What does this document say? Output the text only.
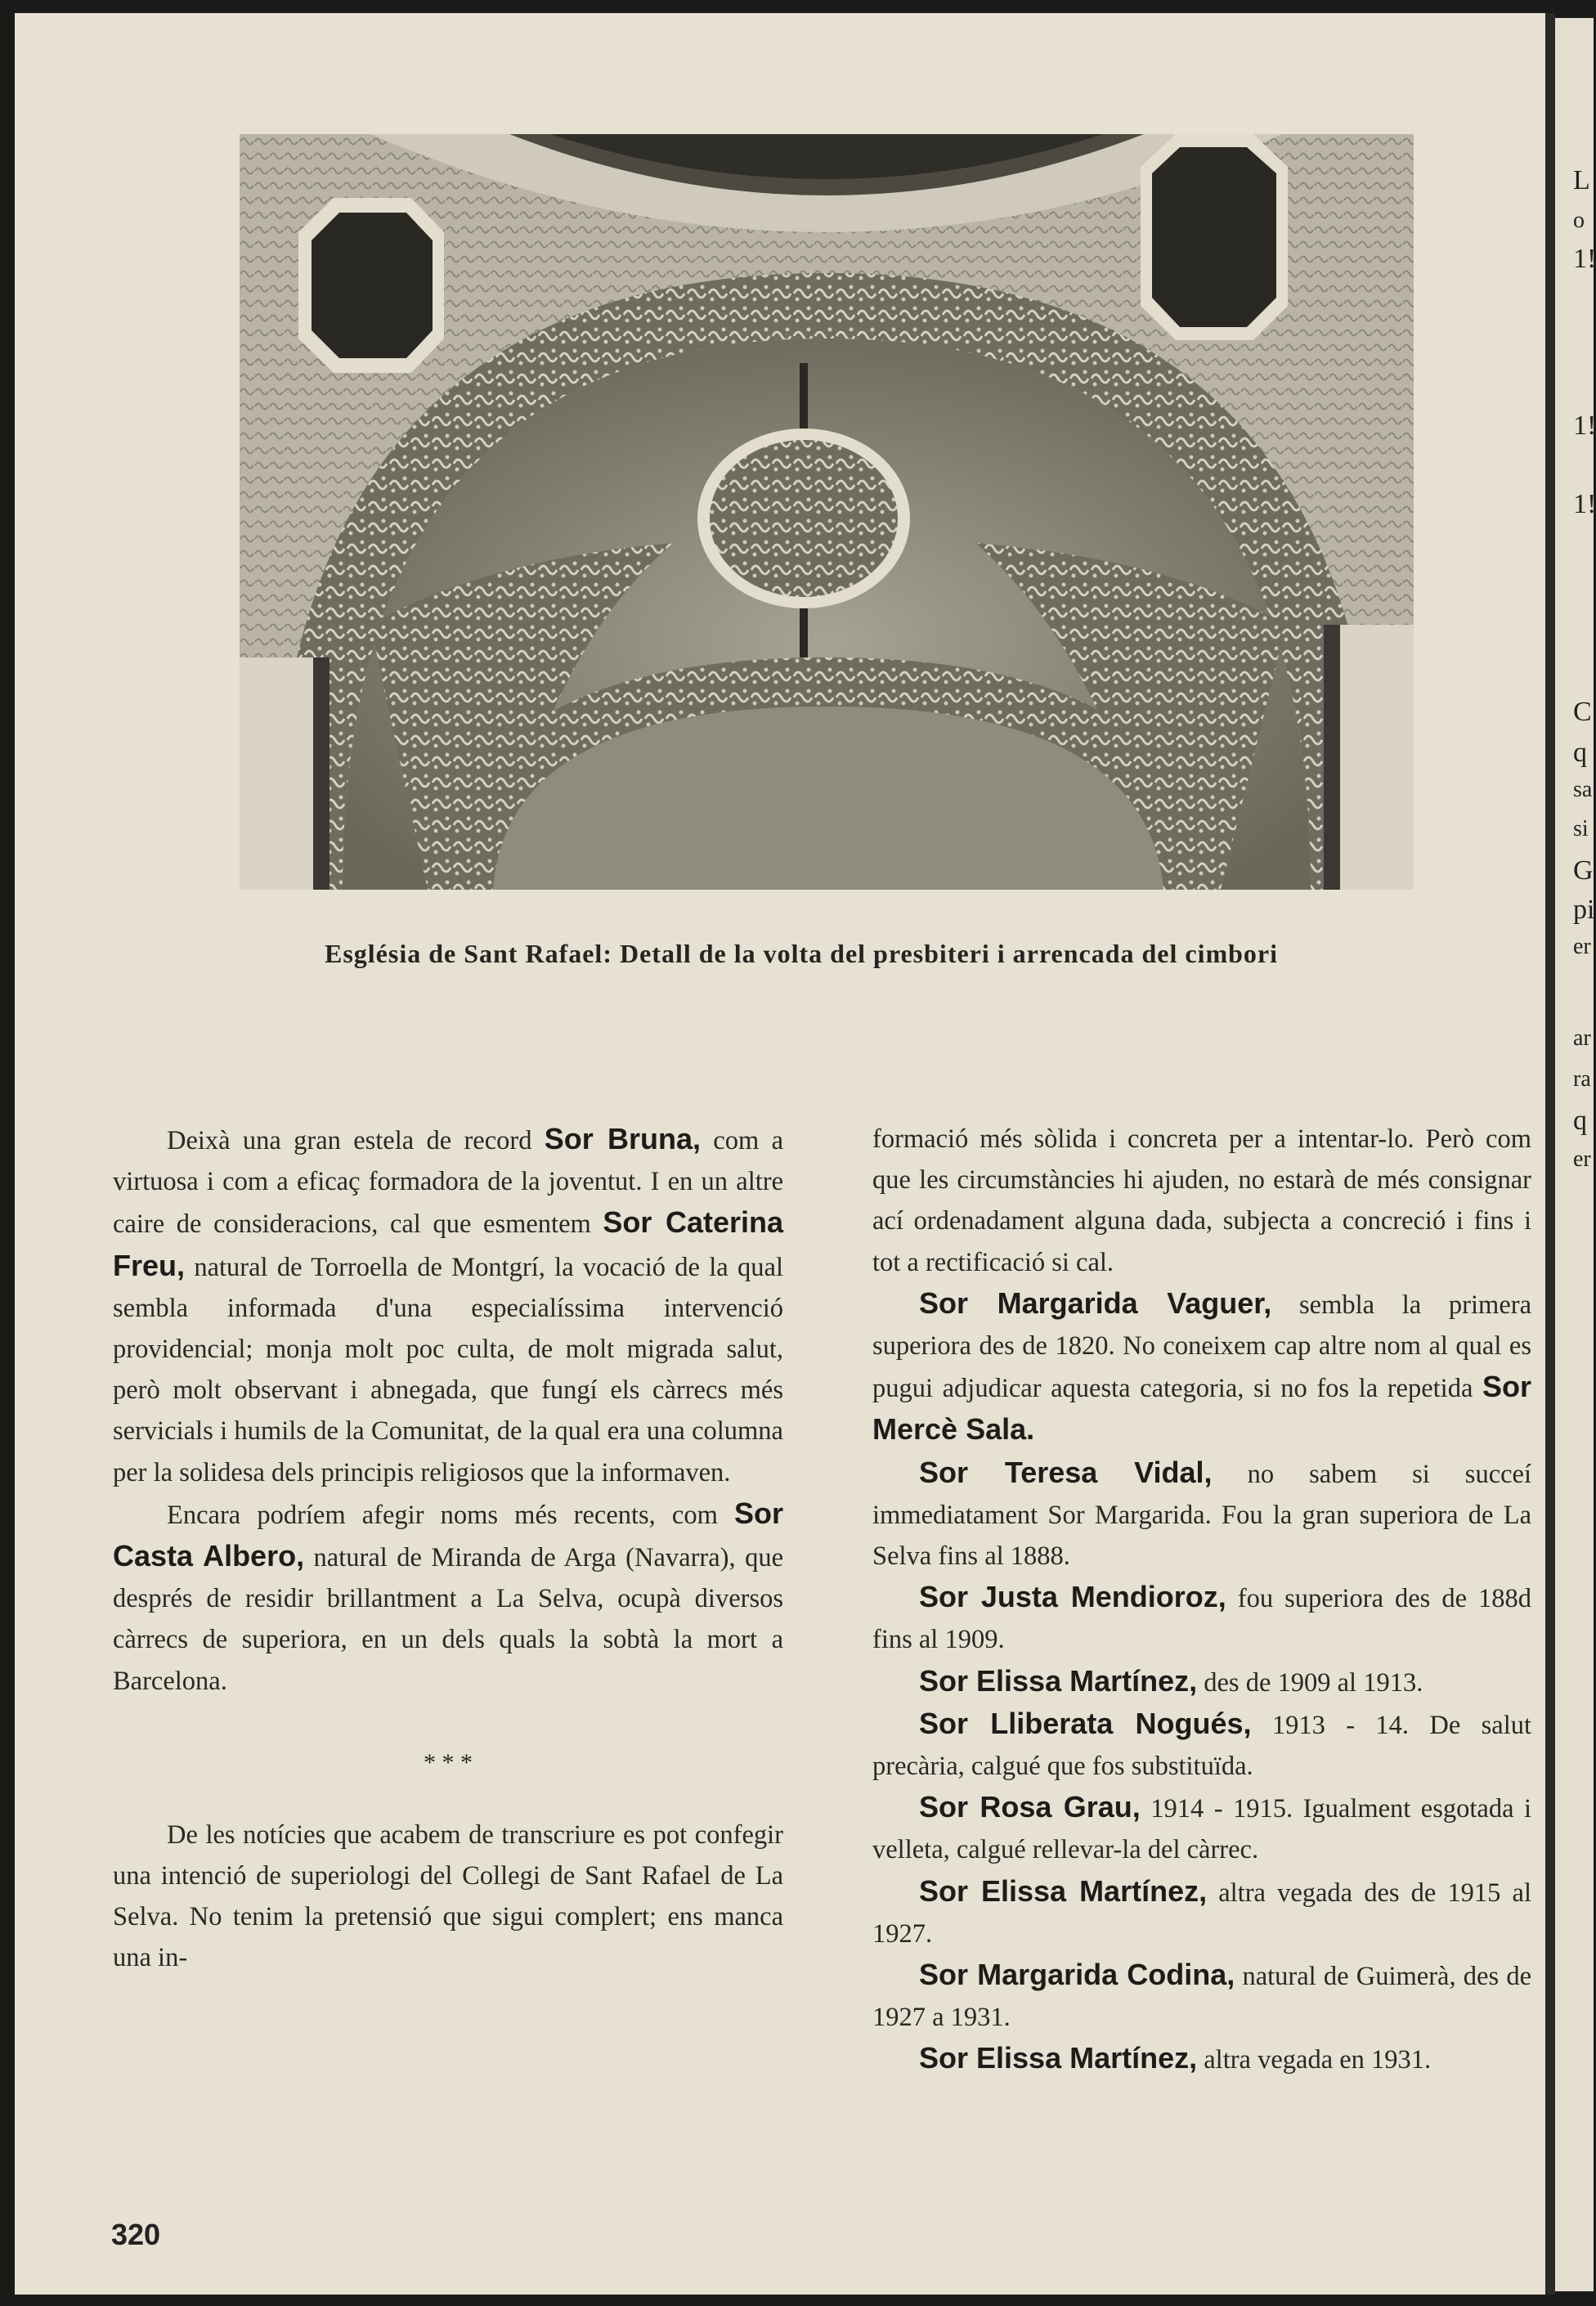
L
o
1!
1!
1!
C
q
sa
si
G
pi
er
ar
ra
q
er
Església de Sant Rafael: Detall de la volta del presbiteri i arrencada del cimbori

Deixà una gran estela de record Sor Bruna, com a virtuosa i com a eficaç formadora de la joventut. I en un altre caire de consideracions, cal que esmentem Sor Caterina Freu, natural de Torroella de Montgrí, la vocació de la qual sembla informada d'una especialíssima intervenció providencial; monja molt poc culta, de molt migrada salut, però molt observant i abnegada, que fungí els càrrecs més servicials i humils de la Comunitat, de la qual era una columna per la solidesa dels principis religiosos que la informaven.

Encara podríem afegir noms més recents, com Sor Casta Albero, natural de Miranda de Arga (Navarra), que després de residir brillantment a La Selva, ocupà diversos càrrecs de superiora, en un dels quals la sobtà la mort a Barcelona.

* * *

De les notícies que acabem de transcriure es pot confegir una intenció de superiologi del Collegi de Sant Rafael de La Selva. No tenim la pretensió que sigui complert; ens manca una in-

formació més sòlida i concreta per a intentar-lo. Però com que les circumstàncies hi ajuden, no estarà de més consignar ací ordenadament alguna dada, subjecta a concreció i fins i tot a rectificació si cal.

Sor Margarida Vaguer, sembla la primera superiora des de 1820. No coneixem cap altre nom al qual es pugui adjudicar aquesta categoria, si no fos la repetida Sor Mercè Sala.

Sor Teresa Vidal, no sabem si succeí immediatament Sor Margarida. Fou la gran superiora de La Selva fins al 1888.

Sor Justa Mendioroz, fou superiora des de 188d fins al 1909.

Sor Elissa Martínez, des de 1909 al 1913.

Sor Lliberata Nogués, 1913 - 14. De salut precària, calgué que fos substituïda.

Sor Rosa Grau, 1914 - 1915. Igualment esgotada i velleta, calgué rellevar-la del càrrec.

Sor Elissa Martínez, altra vegada des de 1915 al 1927.

Sor Margarida Codina, natural de Guimerà, des de 1927 a 1931.

Sor Elissa Martínez, altra vegada en 1931.

320
